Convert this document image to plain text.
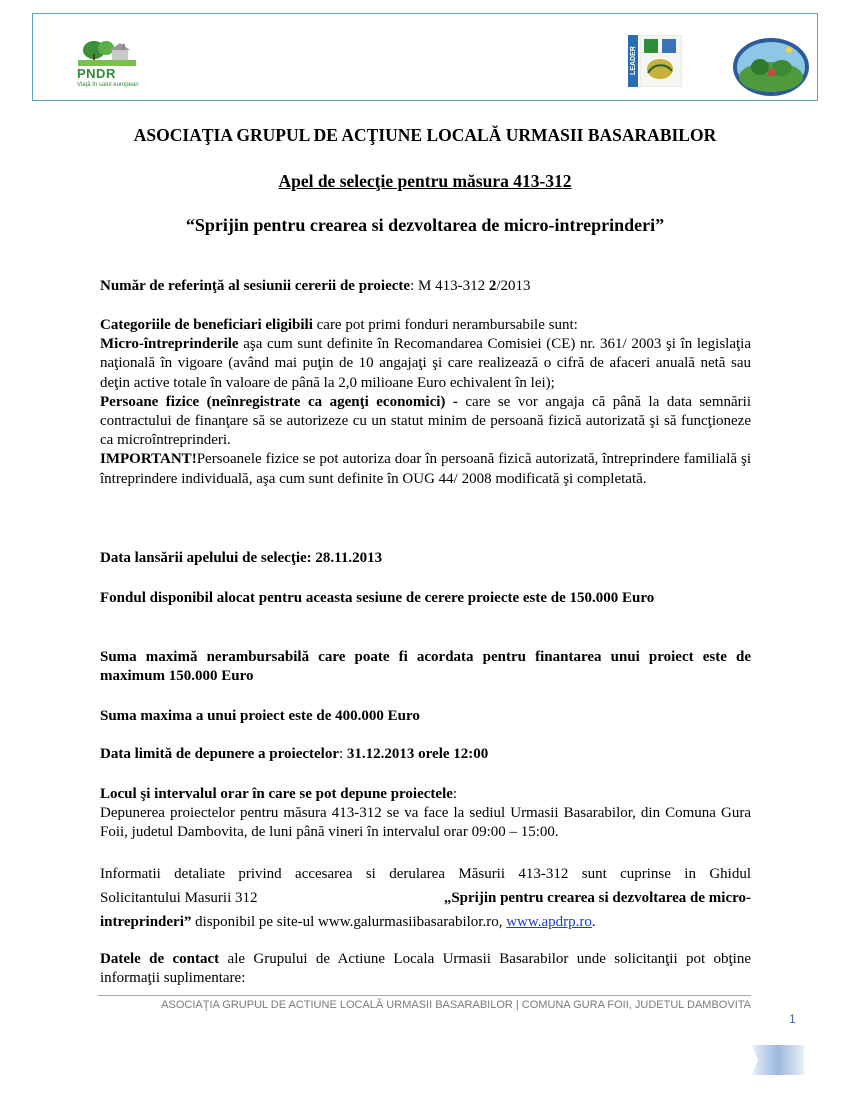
PNDR
Viaţă în satul european
LEADER
ASOCIAŢIA GRUPUL DE ACŢIUNE LOCALĂ URMASII BASARABILOR
Apel de selecţie pentru măsura 413-312
“Sprijin pentru crearea si dezvoltarea de micro-intreprinderi”
Număr de referinţă al sesiunii cererii de proiecte: M 413-312 2/2013
Categoriile de beneficiari eligibili care pot primi fonduri nerambursabile sunt:
Micro-întreprinderile aşa cum sunt definite în Recomandarea Comisiei (CE) nr. 361/ 2003 şi în legislaţia naţională în vigoare (având mai puţin de 10 angajaţi şi care realizează o cifră de afaceri anuală netă sau deţin active totale în valoare de până la 2,0 milioane Euro echivalent în lei);
Persoane fizice (neînregistrate ca agenţi economici) - care se vor angaja că până la data semnării contractului de finanţare să se autorizeze cu un statut minim de persoană fizică autorizată şi să funcţioneze ca microîntreprinderi.
IMPORTANT!Persoanele fizice se pot autoriza doar în persoană fizică autorizată, întreprindere familială şi întreprindere individuală, aşa cum sunt definite în OUG 44/ 2008 modificată şi completată.
Data lansării apelului de selecţie: 28.11.2013
Fondul disponibil alocat pentru aceasta sesiune de cerere proiecte este de 150.000 Euro
Suma maximă nerambursabilă care poate fi acordata pentru finantarea unui proiect este de maximum 150.000 Euro
Suma maxima a unui proiect este de 400.000 Euro
Data limită de depunere a proiectelor: 31.12.2013 orele 12:00
Locul şi intervalul orar în care se pot depune proiectele:
Depunerea proiectelor pentru măsura 413-312 se va face la sediul Urmasii Basarabilor, din Comuna Gura Foii, judetul Dambovita, de luni până vineri în intervalul orar 09:00 – 15:00.
Informatii detaliate privind accesarea si derularea Măsurii 413-312 sunt cuprinse in Ghidul
Solicitantului Masurii 312	„Sprijin pentru crearea si dezvoltarea de micro-
intreprinderi” disponibil pe site-ul www.galurmasiibasarabilor.ro, www.apdrp.ro.
Datele de contact ale Grupului de Actiune Locala Urmasii Basarabilor unde solicitanţii pot obţine informaţii suplimentare:
ASOCIAŢIA GRUPUL DE ACTIUNE LOCALĂ URMASII BASARABILOR | COMUNA GURA FOII, JUDETUL DAMBOVITA
1
